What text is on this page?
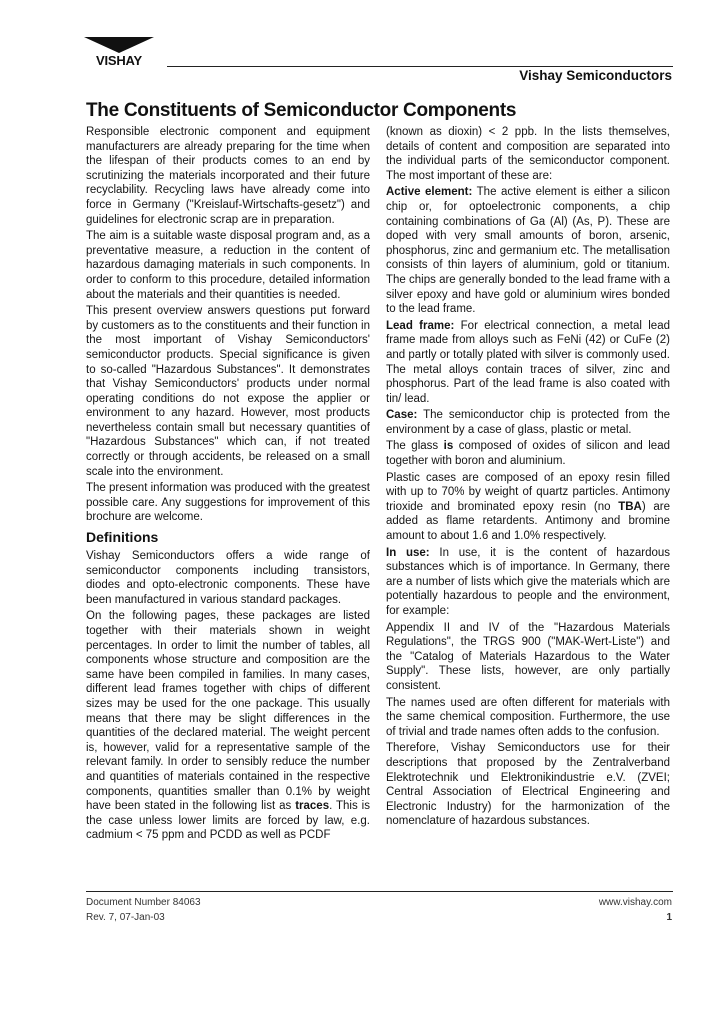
VISHAY
Vishay Semiconductors
The Constituents of Semiconductor Components

Responsible electronic component and equipment manufacturers are already preparing for the time when the lifespan of their products comes to an end by scrutinizing the materials incorporated and their future recyclability. Recycling laws have already come into force in Germany ("Kreislauf-Wirtschafts-gesetz") and guidelines for electronic scrap are in preparation.

The aim is a suitable waste disposal program and, as a preventative measure, a reduction in the content of hazardous damaging materials in such components. In order to conform to this procedure, detailed information about the materials and their quantities is needed.

This present overview answers questions put forward by customers as to the constituents and their function in the most important of Vishay Semiconductors' semiconductor products. Special significance is given to so-called "Hazardous Substances". It demonstrates that Vishay Semiconductors' products under normal operating conditions do not expose the applier or environment to any hazard. However, most products nevertheless contain small but necessary quantities of "Hazardous Substances" which can, if not treated correctly or through accidents, be released on a small scale into the environment.

The present information was produced with the greatest possible care. Any suggestions for improvement of this brochure are welcome.

Definitions

Vishay Semiconductors offers a wide range of semiconductor components including transistors, diodes and opto-electronic components. These have been manufactured in various standard packages.

On the following pages, these packages are listed together with their materials shown in weight percentages. In order to limit the number of tables, all components whose structure and composition are the same have been compiled in families. In many cases, different lead frames together with chips of different sizes may be used for the one package. This usually means that there may be slight differences in the quantities of the declared material. The weight percent is, however, valid for a representative sample of the relevant family. In order to sensibly reduce the number and quantities of materials contained in the respective components, quantities smaller than 0.1% by weight have been stated in the following list as traces. This is the case unless lower limits are forced by law, e.g. cadmium < 75 ppm and PCDD as well as PCDF

(known as dioxin) < 2 ppb. In the lists themselves, details of content and composition are separated into the individual parts of the semiconductor component. The most important of these are:

Active element: The active element is either a silicon chip or, for optoelectronic components, a chip containing combinations of Ga (Al) (As, P). These are doped with very small amounts of boron, arsenic, phosphorus, zinc and germanium etc. The metallisation consists of thin layers of aluminium, gold or titanium. The chips are generally bonded to the lead frame with a silver epoxy and have gold or aluminium wires bonded to the lead frame.

Lead frame: For electrical connection, a metal lead frame made from alloys such as FeNi (42) or CuFe (2) and partly or totally plated with silver is commonly used. The metal alloys contain traces of silver, zinc and phosphorus. Part of the lead frame is also coated with tin/ lead.

Case: The semiconductor chip is protected from the environment by a case of glass, plastic or metal.

The glass is composed of oxides of silicon and lead together with boron and aluminium.

Plastic cases are composed of an epoxy resin filled with up to 70% by weight of quartz particles. Antimony trioxide and brominated epoxy resin (no TBA) are added as flame retardents. Antimony and bromine amount to about 1.6 and 1.0% respectively.

In use: In use, it is the content of hazardous substances which is of importance. In Germany, there are a number of lists which give the materials which are potentially hazardous to people and the environment, for example:

Appendix II and IV of the "Hazardous Materials Regulations", the TRGS 900 ("MAK-Wert-Liste") and the "Catalog of Materials Hazardous to the Water Supply". These lists, however, are only partially consistent.

The names used are often different for materials with the same chemical composition. Furthermore, the use of trivial and trade names often adds to the confusion.

Therefore, Vishay Semiconductors use for their descriptions that proposed by the Zentralverband Elektrotechnik und Elektronikindustrie e.V. (ZVEI; Central Association of Electrical Engineering and Electronic Industry) for the harmonization of the nomenclature of hazardous substances.

Document Number 84063
Rev. 7, 07-Jan-03
www.vishay.com
1
